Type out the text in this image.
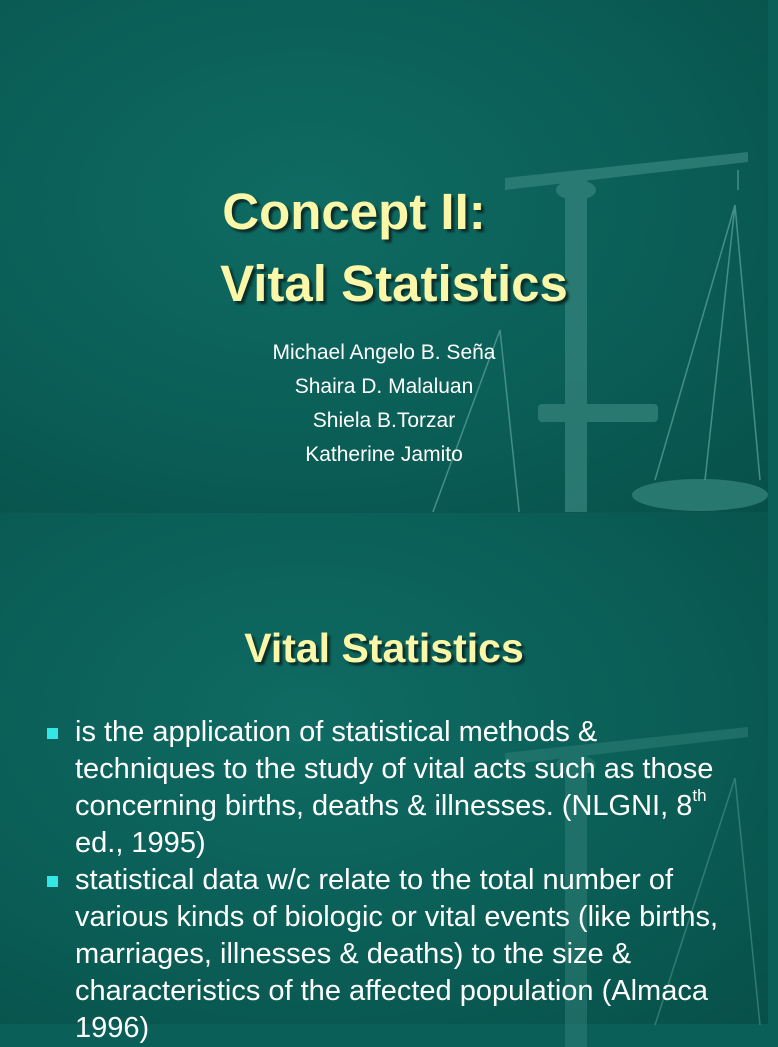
Concept II:
Vital Statistics
Michael Angelo B. Seña
Shaira D. Malaluan
Shiela B.Torzar
Katherine Jamito
Vital Statistics
is the application of statistical methods & techniques to the study of vital acts such as those concerning births, deaths & illnesses. (NLGNI, 8th ed., 1995)
statistical data w/c relate to the total number of various kinds of biologic or vital events (like births, marriages, illnesses & deaths) to the size & characteristics of the affected population (Almaca 1996)
